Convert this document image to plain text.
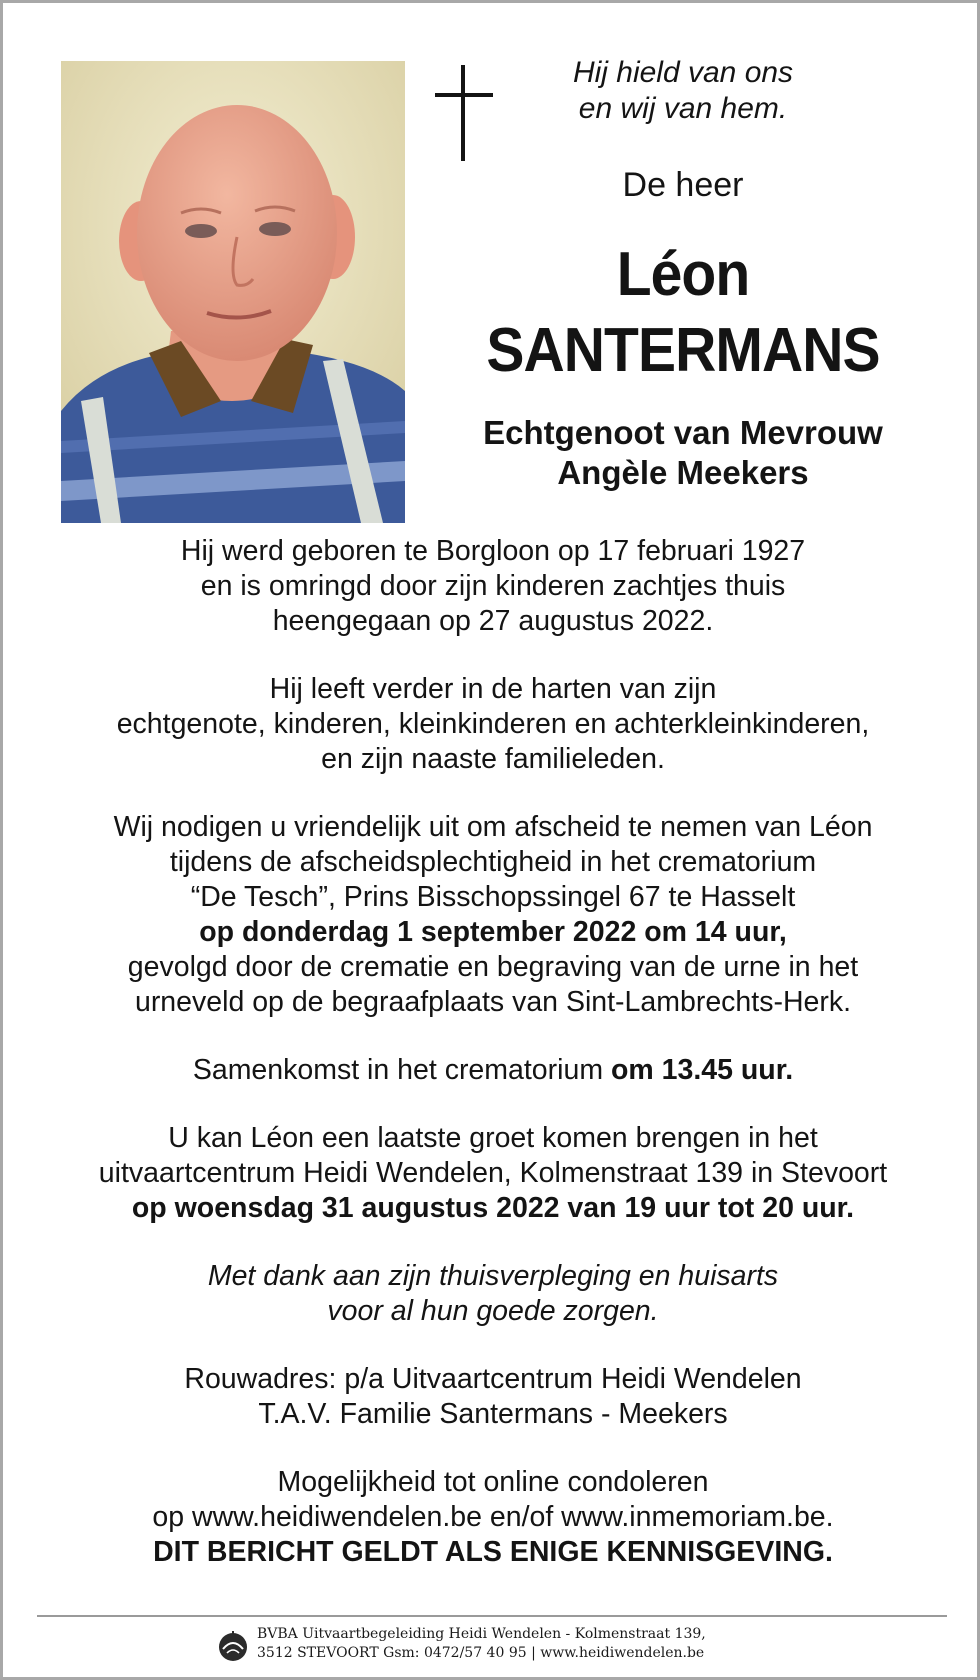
Hij hield van ons
en wij van hem.
De heer
Léon
SANTERMANS
Echtgenoot van Mevrouw
Angèle Meekers

Hij werd geboren te Borgloon op 17 februari 1927
en is omringd door zijn kinderen zachtjes thuis
heengegaan op 27 augustus 2022.

Hij leeft verder in de harten van zijn
echtgenote, kinderen, kleinkinderen en achterkleinkinderen,
en zijn naaste familieleden.

Wij nodigen u vriendelijk uit om afscheid te nemen van Léon
tijdens de afscheidsplechtigheid in het crematorium
“De Tesch”, Prins Bisschopssingel 67 te Hasselt
op donderdag 1 september 2022 om 14 uur,
gevolgd door de crematie en begraving van de urne in het
urneveld op de begraafplaats van Sint-Lambrechts-Herk.

Samenkomst in het crematorium om 13.45 uur.

U kan Léon een laatste groet komen brengen in het
uitvaartcentrum Heidi Wendelen, Kolmenstraat 139 in Stevoort
op woensdag 31 augustus 2022 van 19 uur tot 20 uur.

Met dank aan zijn thuisverpleging en huisarts
voor al hun goede zorgen.

Rouwadres: p/a Uitvaartcentrum Heidi Wendelen
T.A.V. Familie Santermans - Meekers

Mogelijkheid tot online condoleren
op www.heidiwendelen.be en/of www.inmemoriam.be.
DIT BERICHT GELDT ALS ENIGE KENNISGEVING.

BVBA Uitvaartbegeleiding Heidi Wendelen - Kolmenstraat 139,
3512 STEVOORT Gsm: 0472/57 40 95 | www.heidiwendelen.be
